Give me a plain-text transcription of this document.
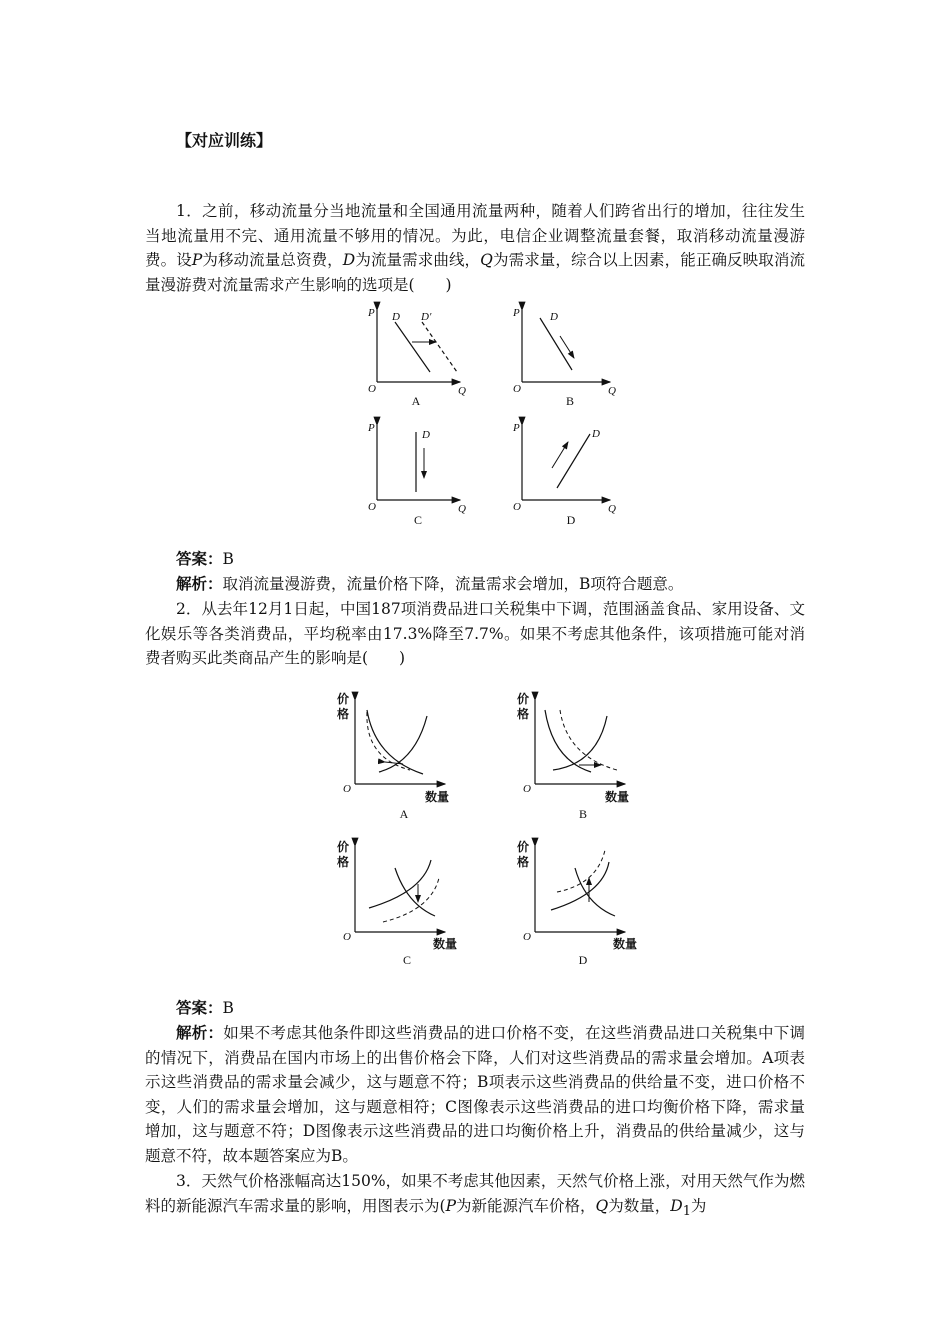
【对应训练】
1．之前，移动流量分当地流量和全国通用流量两种，随着人们跨省出行的增加，往往发生当地流量用不完、通用流量不够用的情况。为此，电信企业调整流量套餐，取消移动流量漫游费。设P为移动流量总资费，D为流量需求曲线，Q为需求量，综合以上因素，能正确反映取消流量漫游费对流量需求产生影响的选项是(　　)
P
O	Q
D D′
A
P
O	Q
D
B
P
O	Q
D
C
P
O	Q
D
D
答案：B
解析：取消流量漫游费，流量价格下降，流量需求会增加，B项符合题意。
2．从去年12月1日起，中国187项消费品进口关税集中下调，范围涵盖食品、家用设备、文化娱乐等各类消费品，平均税率由17.3%降至7.7%。如果不考虑其他条件，该项措施可能对消费者购买此类商品产生的影响是(　　)
价
格
O
数量
A
价
格
O
数量
B
价
格
O	数量
C
价
格
O	数量
D
答案：B
解析：如果不考虑其他条件即这些消费品的进口价格不变，在这些消费品进口关税集中下调的情况下，消费品在国内市场上的出售价格会下降，人们对这些消费品的需求量会增加。A项表示这些消费品的需求量会减少，这与题意不符；B项表示这些消费品的供给量不变，进口价格不变，人们的需求量会增加，这与题意相符；C图像表示这些消费品的进口均衡价格下降，需求量增加，这与题意不符；D图像表示这些消费品的进口均衡价格上升，消费品的供给量减少，这与题意不符，故本题答案应为B。
3．天然气价格涨幅高达150%，如果不考虑其他因素，天然气价格上涨，对用天然气作为燃料的新能源汽车需求量的影响，用图表示为(P为新能源汽车价格，Q为数量，$D_1$为
